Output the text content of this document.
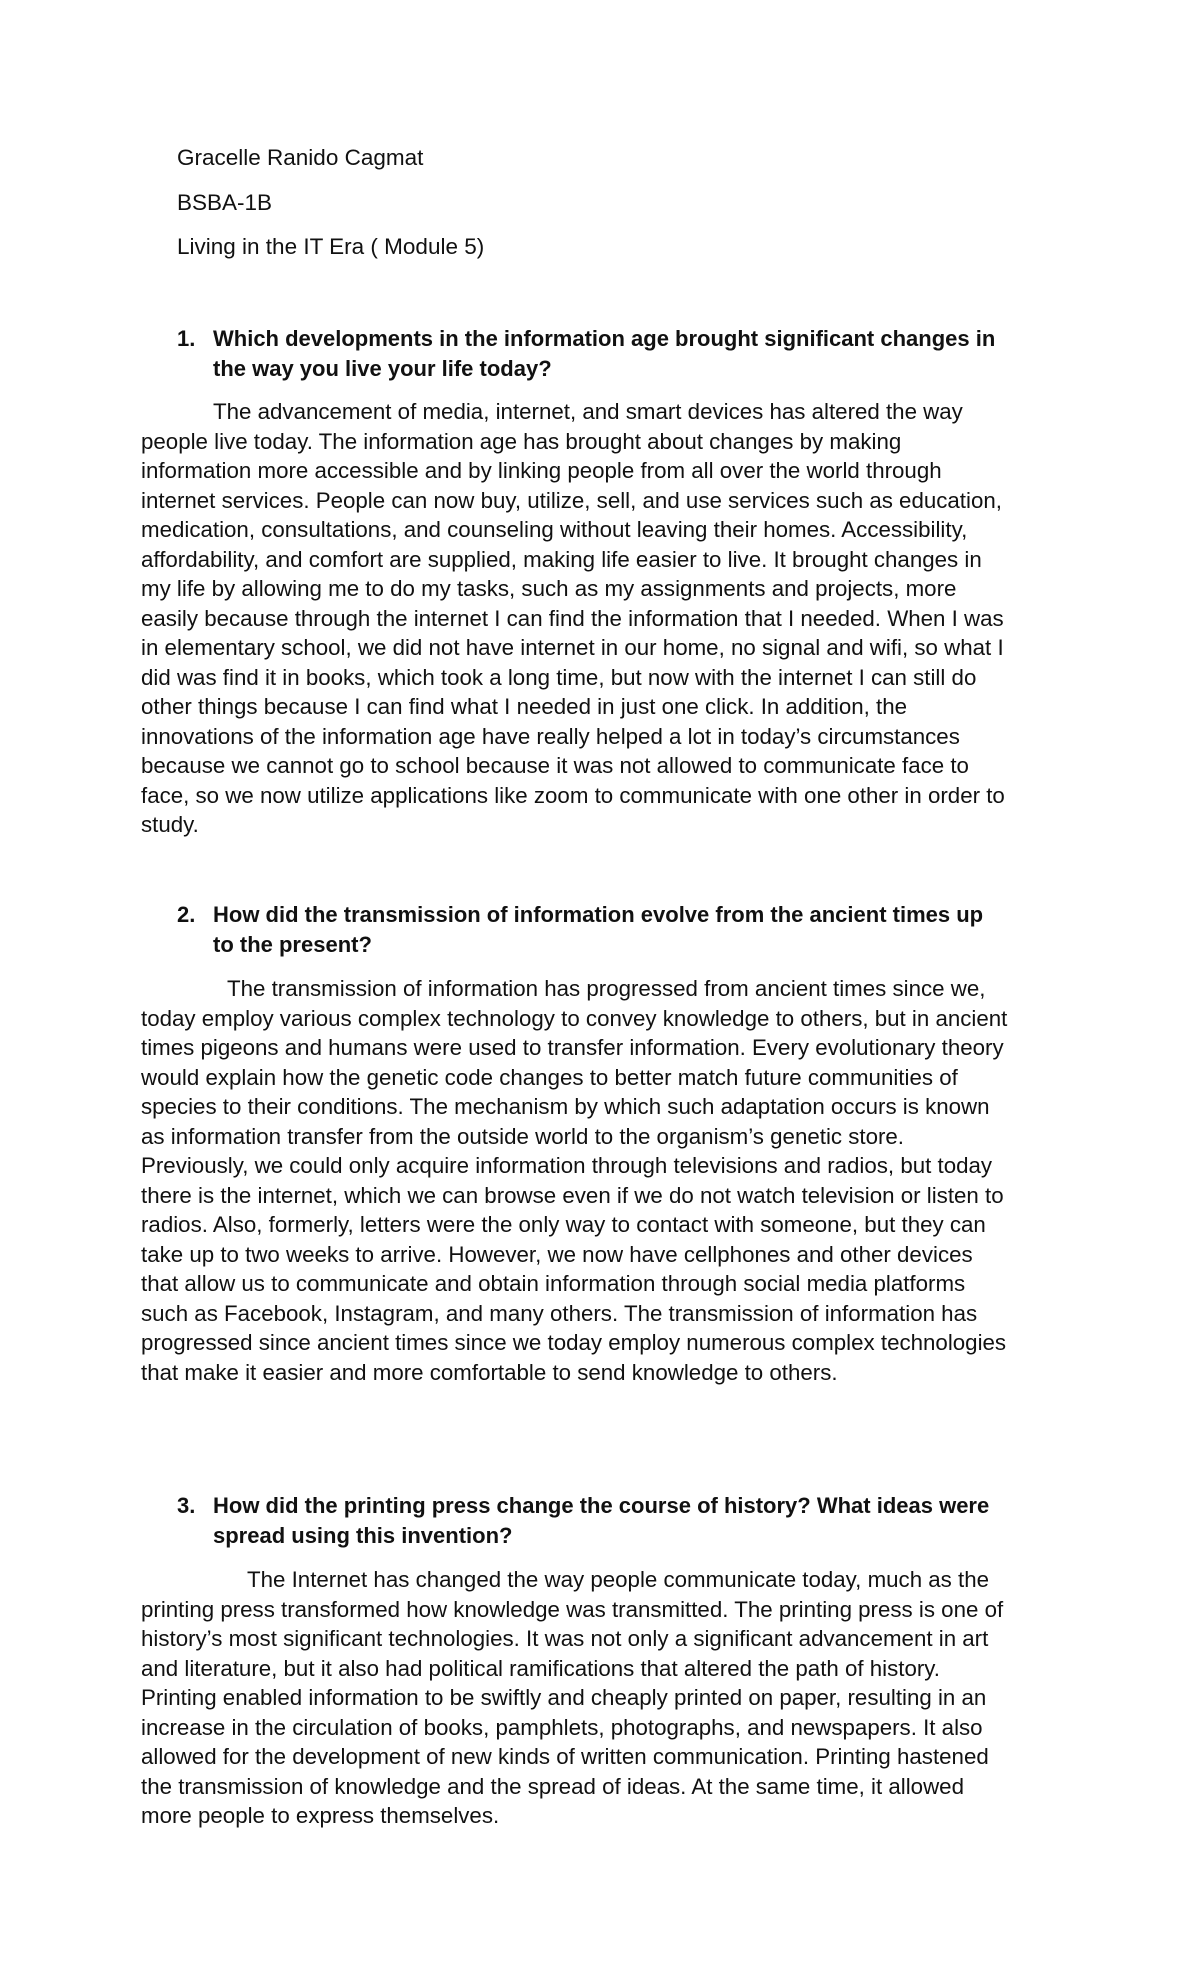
Gracelle Ranido Cagmat
BSBA-1B
Living in the IT Era ( Module 5)
1. Which developments in the information age brought significant changes in
the way you live your life today?
The advancement of media, internet, and smart devices has altered the way
people live today. The information age has brought about changes by making
information more accessible and by linking people from all over the world through
internet services. People can now buy, utilize, sell, and use services such as education,
medication, consultations, and counseling without leaving their homes. Accessibility,
affordability, and comfort are supplied, making life easier to live. It brought changes in
my life by allowing me to do my tasks, such as my assignments and projects, more
easily because through the internet I can find the information that I needed. When I was
in elementary school, we did not have internet in our home, no signal and wifi, so what I
did was find it in books, which took a long time, but now with the internet I can still do
other things because I can find what I needed in just one click. In addition, the
innovations of the information age have really helped a lot in today’s circumstances
because we cannot go to school because it was not allowed to communicate face to
face, so we now utilize applications like zoom to communicate with one other in order to
study.
2. How did the transmission of information evolve from the ancient times up
to the present?
The transmission of information has progressed from ancient times since we,
today employ various complex technology to convey knowledge to others, but in ancient
times pigeons and humans were used to transfer information. Every evolutionary theory
would explain how the genetic code changes to better match future communities of
species to their conditions. The mechanism by which such adaptation occurs is known
as information transfer from the outside world to the organism’s genetic store.
Previously, we could only acquire information through televisions and radios, but today
there is the internet, which we can browse even if we do not watch television or listen to
radios. Also, formerly, letters were the only way to contact with someone, but they can
take up to two weeks to arrive. However, we now have cellphones and other devices
that allow us to communicate and obtain information through social media platforms
such as Facebook, Instagram, and many others. The transmission of information has
progressed since ancient times since we today employ numerous complex technologies
that make it easier and more comfortable to send knowledge to others.
3. How did the printing press change the course of history? What ideas were
spread using this invention?
The Internet has changed the way people communicate today, much as the
printing press transformed how knowledge was transmitted. The printing press is one of
history’s most significant technologies. It was not only a significant advancement in art
and literature, but it also had political ramifications that altered the path of history.
Printing enabled information to be swiftly and cheaply printed on paper, resulting in an
increase in the circulation of books, pamphlets, photographs, and newspapers. It also
allowed for the development of new kinds of written communication. Printing hastened
the transmission of knowledge and the spread of ideas. At the same time, it allowed
more people to express themselves.
